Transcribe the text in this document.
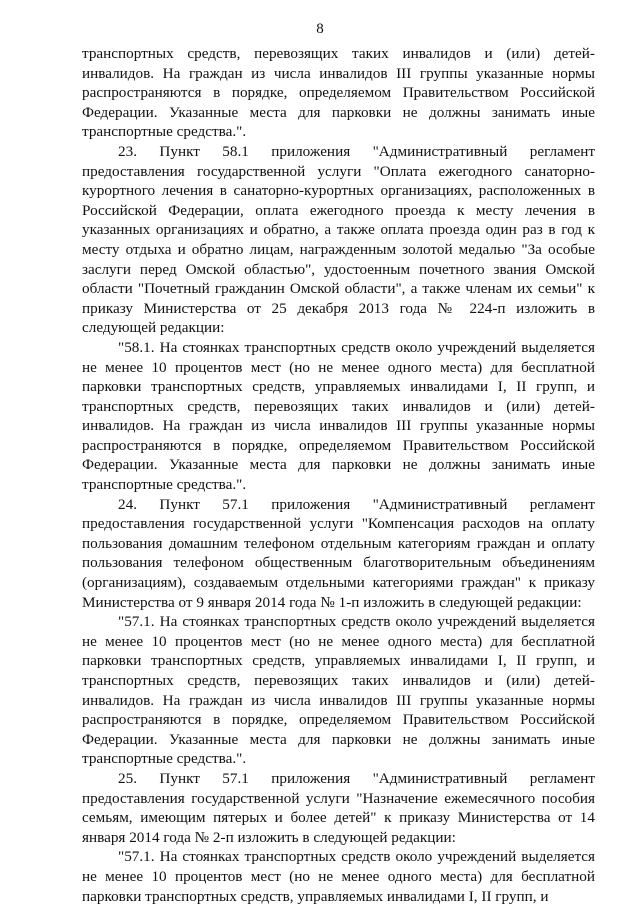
8

транспортных средств, перевозящих таких инвалидов и (или) детей-инвалидов. На граждан из числа инвалидов III группы указанные нормы распространяются в порядке, определяемом Правительством Российской Федерации. Указанные места для парковки не должны занимать иные транспортные средства.".

23. Пункт 58.1 приложения "Административный регламент предоставления государственной услуги "Оплата ежегодного санаторно-курортного лечения в санаторно-курортных организациях, расположенных в Российской Федерации, оплата ежегодного проезда к месту лечения в указанных организациях и обратно, а также оплата проезда один раз в год к месту отдыха и обратно лицам, награжденным золотой медалью "За особые заслуги перед Омской областью", удостоенным почетного звания Омской области "Почетный гражданин Омской области", а также членам их семьи" к приказу Министерства от 25 декабря 2013 года № 224-п изложить в следующей редакции:

"58.1. На стоянках транспортных средств около учреждений выделяется не менее 10 процентов мест (но не менее одного места) для бесплатной парковки транспортных средств, управляемых инвалидами I, II групп, и транспортных средств, перевозящих таких инвалидов и (или) детей-инвалидов. На граждан из числа инвалидов III группы указанные нормы распространяются в порядке, определяемом Правительством Российской Федерации. Указанные места для парковки не должны занимать иные транспортные средства.".

24. Пункт 57.1 приложения "Административный регламент предоставления государственной услуги "Компенсация расходов на оплату пользования домашним телефоном отдельным категориям граждан и оплату пользования телефоном общественным благотворительным объединениям (организациям), создаваемым отдельными категориями граждан" к приказу Министерства от 9 января 2014 года № 1-п изложить в следующей редакции:

"57.1. На стоянках транспортных средств около учреждений выделяется не менее 10 процентов мест (но не менее одного места) для бесплатной парковки транспортных средств, управляемых инвалидами I, II групп, и транспортных средств, перевозящих таких инвалидов и (или) детей-инвалидов. На граждан из числа инвалидов III группы указанные нормы распространяются в порядке, определяемом Правительством Российской Федерации. Указанные места для парковки не должны занимать иные транспортные средства.".

25. Пункт 57.1 приложения "Административный регламент предоставления государственной услуги "Назначение ежемесячного пособия семьям, имеющим пятерых и более детей" к приказу Министерства от 14 января 2014 года № 2-п изложить в следующей редакции:

"57.1. На стоянках транспортных средств около учреждений выделяется не менее 10 процентов мест (но не менее одного места) для бесплатной парковки транспортных средств, управляемых инвалидами I, II групп, и
